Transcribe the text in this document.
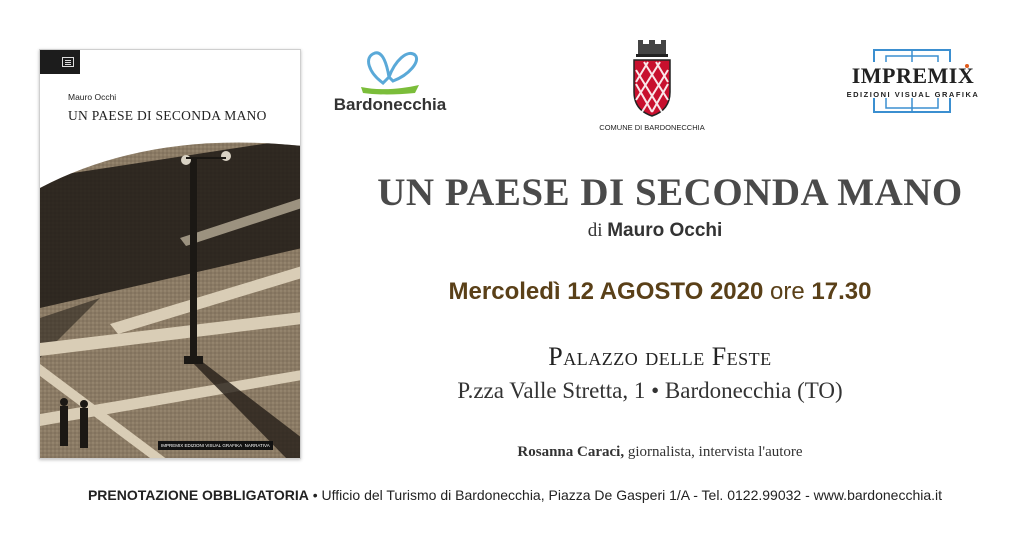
Mauro Occhi
UN PAESE DI SECONDA MANO
IMPREMIX EDIZIONI VISUAL GRAFIKA NARRATIVA
Bardonecchia
COMUNE DI BARDONECCHIA
IMPREMIX
EDIZIONI VISUAL GRAFIKA
UN PAESE DI SECONDA MANO
di Mauro Occhi
Mercoledì 12 AGOSTO 2020 ore 17.30
Palazzo delle Feste
P.zza Valle Stretta, 1 • Bardonecchia (TO)
Rosanna Caraci, giornalista, intervista l'autore
PRENOTAZIONE OBBLIGATORIA • Ufficio del Turismo di Bardonecchia, Piazza De Gasperi 1/A - Tel. 0122.99032 - www.bardonecchia.it
